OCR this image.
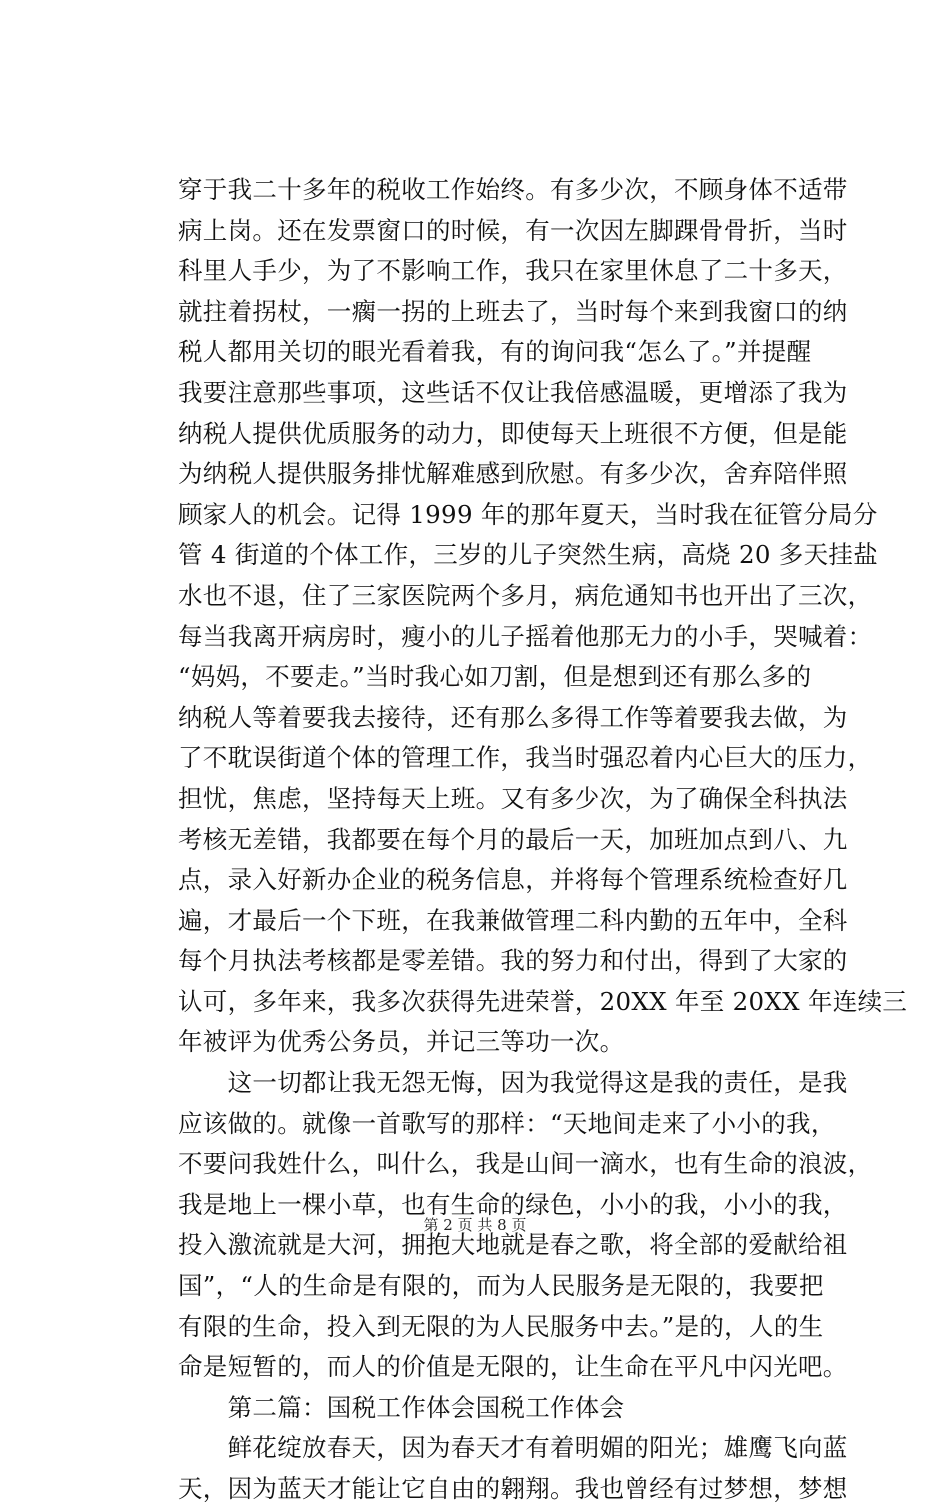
穿于我二十多年的税收工作始终。有多少次，不顾身体不适带
病上岗。还在发票窗口的时候，有一次因左脚踝骨骨折，当时
科里人手少，为了不影响工作，我只在家里休息了二十多天，
就拄着拐杖，一瘸一拐的上班去了，当时每个来到我窗口的纳
税人都用关切的眼光看着我，有的询问我“怎么了。”并提醒
我要注意那些事项，这些话不仅让我倍感温暖，更增添了我为
纳税人提供优质服务的动力，即使每天上班很不方便，但是能
为纳税人提供服务排忧解难感到欣慰。有多少次，舍弃陪伴照
顾家人的机会。记得 1999 年的那年夏天，当时我在征管分局分
管 4 街道的个体工作，三岁的儿子突然生病，高烧 20 多天挂盐
水也不退，住了三家医院两个多月，病危通知书也开出了三次，
每当我离开病房时，瘦小的儿子摇着他那无力的小手，哭喊着：
“妈妈，不要走。”当时我心如刀割，但是想到还有那么多的
纳税人等着要我去接待，还有那么多得工作等着要我去做，为
了不耽误街道个体的管理工作，我当时强忍着内心巨大的压力，
担忧，焦虑，坚持每天上班。又有多少次，为了确保全科执法
考核无差错，我都要在每个月的最后一天，加班加点到八、九
点，录入好新办企业的税务信息，并将每个管理系统检查好几
遍，才最后一个下班，在我兼做管理二科内勤的五年中，全科
每个月执法考核都是零差错。我的努力和付出，得到了大家的
认可，多年来，我多次获得先进荣誉，20XX 年至 20XX 年连续三
年被评为优秀公务员，并记三等功一次。
　　这一切都让我无怨无悔，因为我觉得这是我的责任，是我
应该做的。就像一首歌写的那样：“天地间走来了小小的我，
不要问我姓什么，叫什么，我是山间一滴水，也有生命的浪波，
我是地上一棵小草，也有生命的绿色，小小的我，小小的我，
投入激流就是大河，拥抱大地就是春之歌，将全部的爱献给祖
国”，“人的生命是有限的，而为人民服务是无限的，我要把
有限的生命，投入到无限的为人民服务中去。”是的，人的生
命是短暂的，而人的价值是无限的，让生命在平凡中闪光吧。
　　第二篇：国税工作体会国税工作体会
　　鲜花绽放春天，因为春天才有着明媚的阳光；雄鹰飞向蓝
天，因为蓝天才能让它自由的翱翔。我也曾经有过梦想，梦想
第 2 页 共 8 页
